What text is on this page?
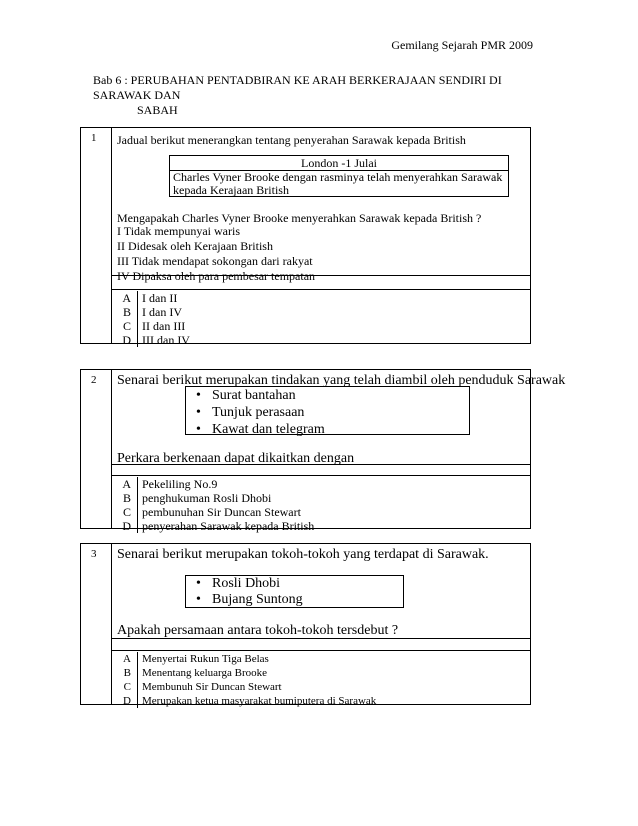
Gemilang Sejarah PMR 2009
Bab 6 : PERUBAHAN PENTADBIRAN KE ARAH BERKERAJAAN SENDIRI DI
SARAWAK DAN
SABAH
1 Jadual berikut menerangkan tentang penyerahan Sarawak kepada British
London -1 Julai
Charles Vyner Brooke dengan rasminya telah menyerahkan Sarawak
kepada Kerajaan British
Mengapakah Charles Vyner Brooke menyerahkan Sarawak kepada British ?
I Tidak mempunyai waris
II Didesak oleh Kerajaan British
III Tidak mendapat sokongan dari rakyat
IV Dipaksa oleh para pembesar tempatan
A I dan II
B I dan IV
C II dan III
D III dan IV
2 Senarai berikut merupakan tindakan yang telah diambil oleh penduduk Sarawak
• Surat bantahan
• Tunjuk perasaan
• Kawat dan telegram
Perkara berkenaan dapat dikaitkan dengan
A Pekeliling No.9
B penghukuman Rosli Dhobi
C pembunuhan Sir Duncan Stewart
D penyerahan Sarawak kepada British
3 Senarai berikut merupakan tokoh-tokoh yang terdapat di Sarawak.
• Rosli Dhobi
• Bujang Suntong
Apakah persamaan antara tokoh-tokoh tersdebut ?
A	Menyertai Rukun Tiga Belas
B	Menentang keluarga Brooke
C	Membunuh Sir Duncan Stewart
D	Merupakan ketua masyarakat bumiputera di Sarawak
